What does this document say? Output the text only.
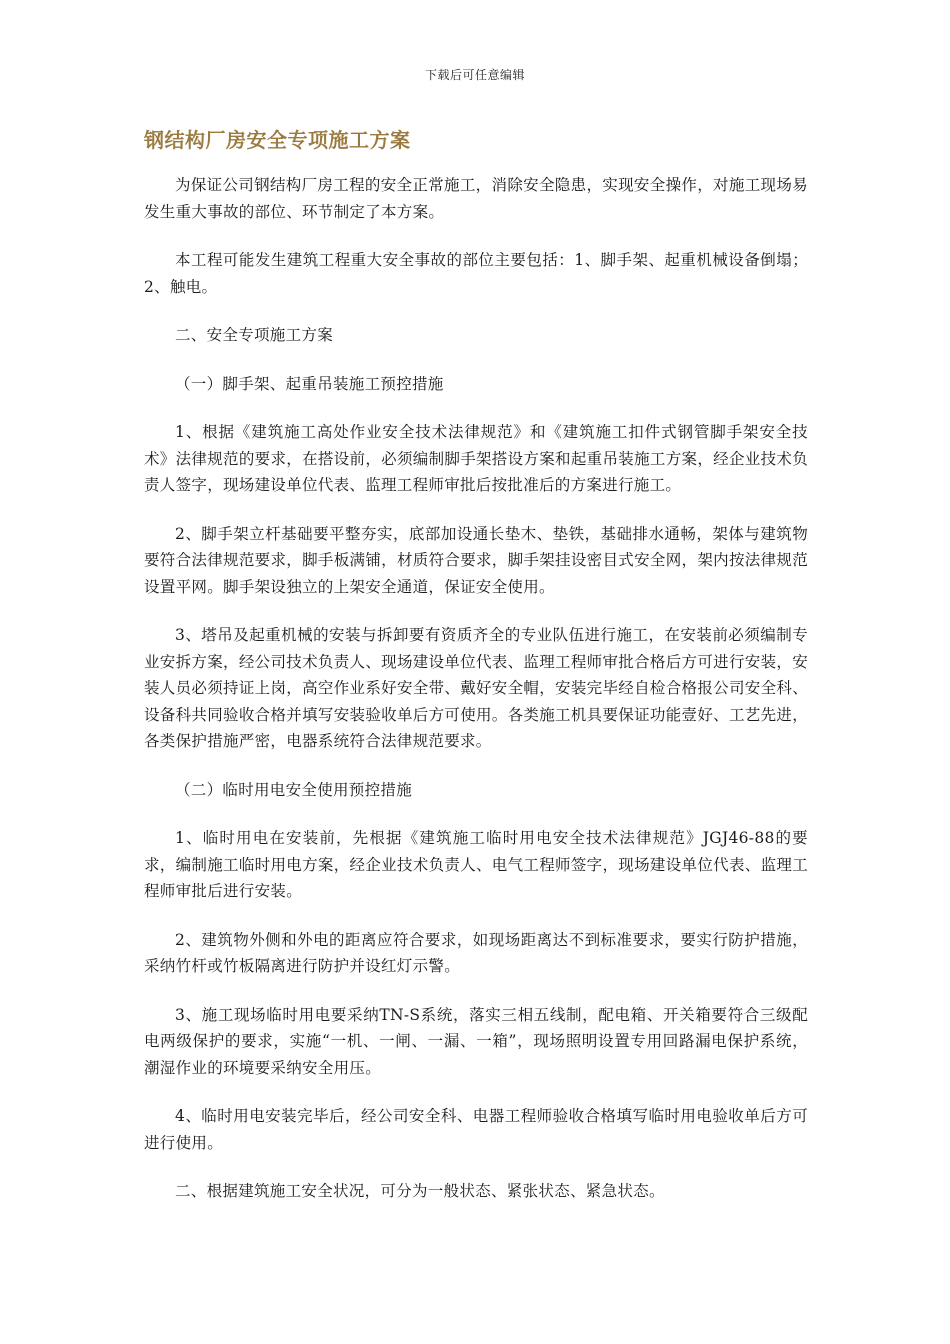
下载后可任意编辑
钢结构厂房安全专项施工方案

为保证公司钢结构厂房工程的安全正常施工，消除安全隐患，实现安全操作，对施工现场易发生重大事故的部位、环节制定了本方案。

本工程可能发生建筑工程重大安全事故的部位主要包括：1、脚手架、起重机械设备倒塌；2、触电。

二、安全专项施工方案

（一）脚手架、起重吊装施工预控措施

1、根据《建筑施工高处作业安全技术法律规范》和《建筑施工扣件式钢管脚手架安全技术》法律规范的要求，在搭设前，必须编制脚手架搭设方案和起重吊装施工方案，经企业技术负责人签字，现场建设单位代表、监理工程师审批后按批准后的方案进行施工。

2、脚手架立杆基础要平整夯实，底部加设通长垫木、垫铁，基础排水通畅，架体与建筑物要符合法律规范要求，脚手板满铺，材质符合要求，脚手架挂设密目式安全网，架内按法律规范设置平网。脚手架设独立的上架安全通道，保证安全使用。

3、塔吊及起重机械的安装与拆卸要有资质齐全的专业队伍进行施工，在安装前必须编制专业安拆方案，经公司技术负责人、现场建设单位代表、监理工程师审批合格后方可进行安装，安装人员必须持证上岗，高空作业系好安全带、戴好安全帽，安装完毕经自检合格报公司安全科、设备科共同验收合格并填写安装验收单后方可使用。各类施工机具要保证功能壹好、工艺先进，各类保护措施严密，电器系统符合法律规范要求。

（二）临时用电安全使用预控措施

1、临时用电在安装前，先根据《建筑施工临时用电安全技术法律规范》JGJ46-88的要求，编制施工临时用电方案，经企业技术负责人、电气工程师签字，现场建设单位代表、监理工程师审批后进行安装。

2、建筑物外侧和外电的距离应符合要求，如现场距离达不到标准要求，要实行防护措施，采纳竹杆或竹板隔离进行防护并设红灯示警。

3、施工现场临时用电要采纳TN-S系统，落实三相五线制，配电箱、开关箱要符合三级配电两级保护的要求，实施“一机、一闸、一漏、一箱”，现场照明设置专用回路漏电保护系统，潮湿作业的环境要采纳安全用压。

4、临时用电安装完毕后，经公司安全科、电器工程师验收合格填写临时用电验收单后方可进行使用。

二、根据建筑施工安全状况，可分为一般状态、紧张状态、紧急状态。
